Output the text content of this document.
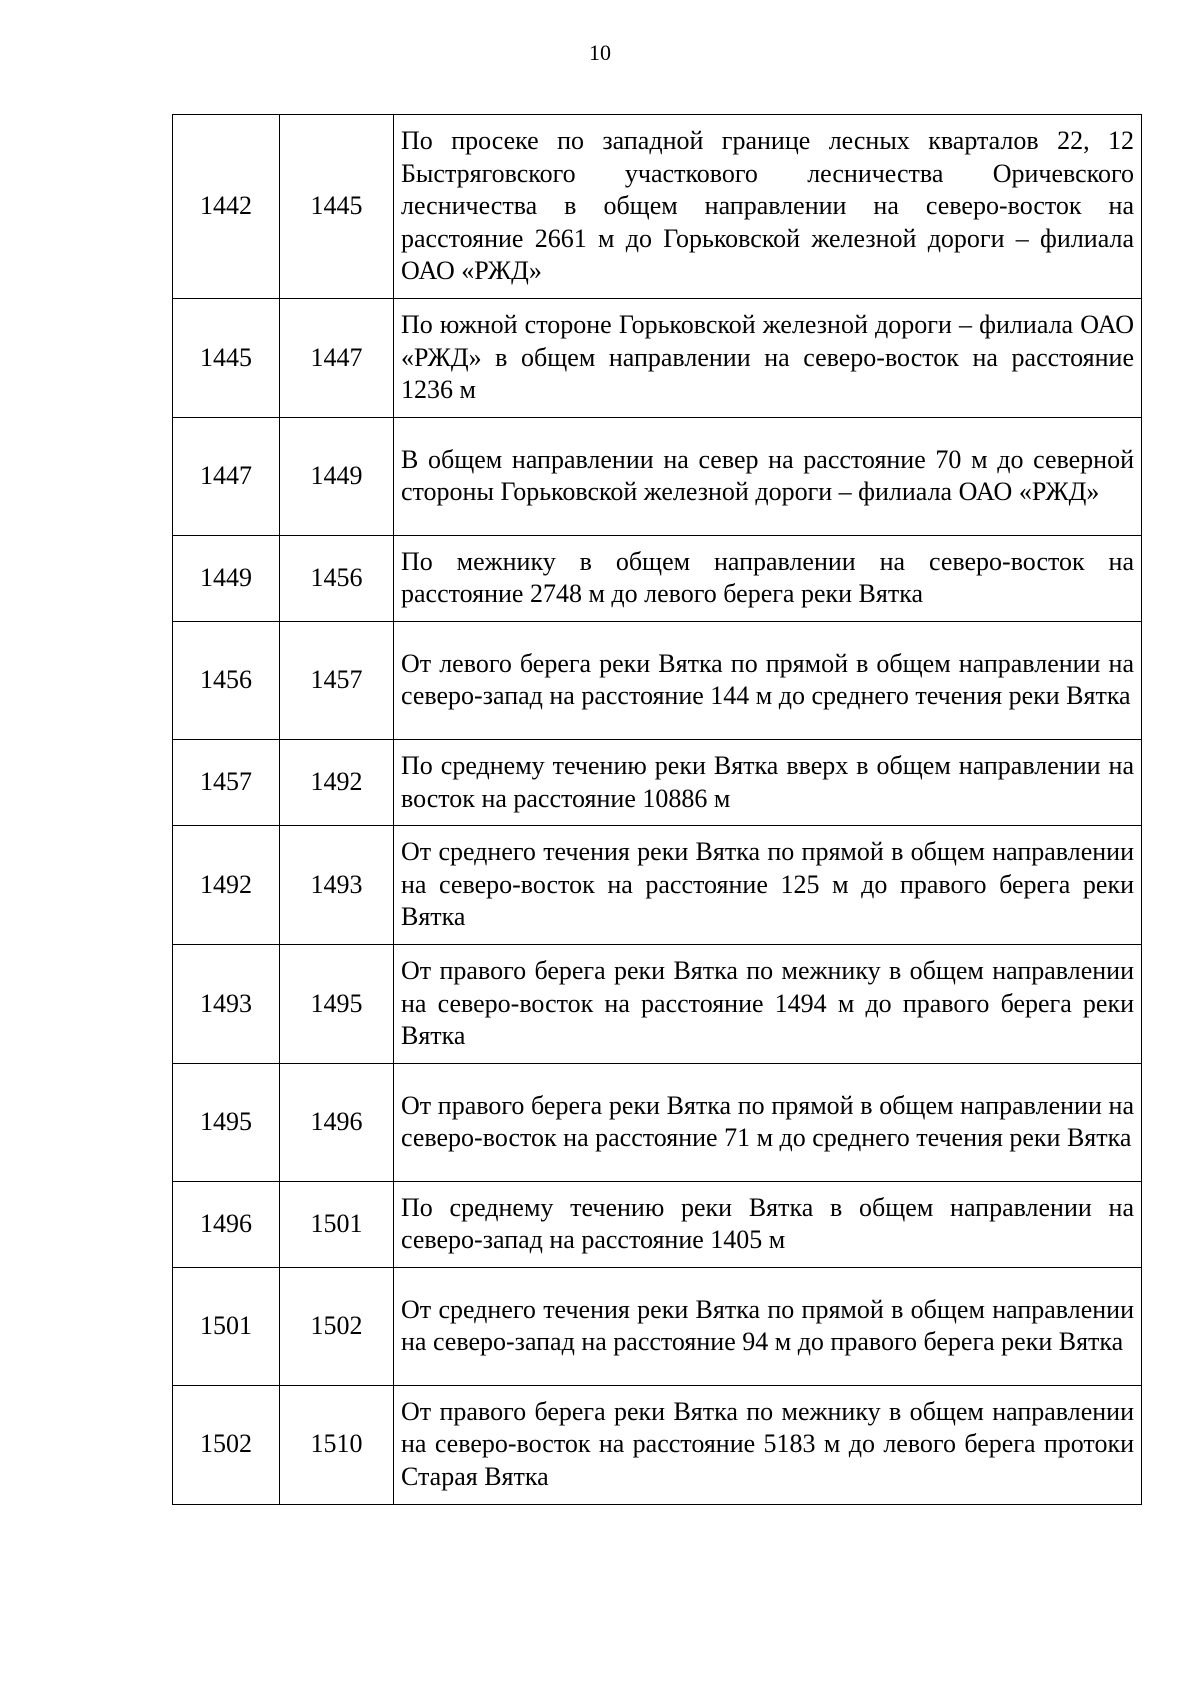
10
1442	1445	По просеке по западной границе лесных кварталов 22, 12 Быстряговского участкового лесничества Оричевского лесничества в общем направлении на северо-восток на расстояние 2661 м до Горьковской железной дороги – филиала ОАО «РЖД»
1445	1447	По южной стороне Горьковской железной дороги – филиала ОАО «РЖД» в общем направлении на северо-восток на расстояние 1236 м
1447	1449	В общем направлении на север на расстояние 70 м до северной стороны Горьковской железной дороги – филиала ОАО «РЖД»
1449	1456	По межнику в общем направлении на северо-восток на расстояние 2748 м до левого берега реки Вятка
1456	1457	От левого берега реки Вятка по прямой в общем направлении на северо-запад на расстояние 144 м до среднего течения реки Вятка
1457	1492	По среднему течению реки Вятка вверх в общем направлении на восток на расстояние 10886 м
1492	1493	От среднего течения реки Вятка по прямой в общем направлении на северо-восток на расстояние 125 м до правого берега реки Вятка
1493	1495	От правого берега реки Вятка по межнику в общем направлении на северо-восток на расстояние 1494 м до правого берега реки Вятка
1495	1496	От правого берега реки Вятка по прямой в общем направлении на северо-восток на расстояние 71 м до среднего течения реки Вятка
1496	1501	По среднему течению реки Вятка в общем направлении на северо-запад на расстояние 1405 м
1501	1502	От среднего течения реки Вятка по прямой в общем направлении на северо-запад на расстояние 94 м до правого берега реки Вятка
1502	1510	От правого берега реки Вятка по межнику в общем направлении на северо-восток на расстояние 5183 м до левого берега протоки Старая Вятка
